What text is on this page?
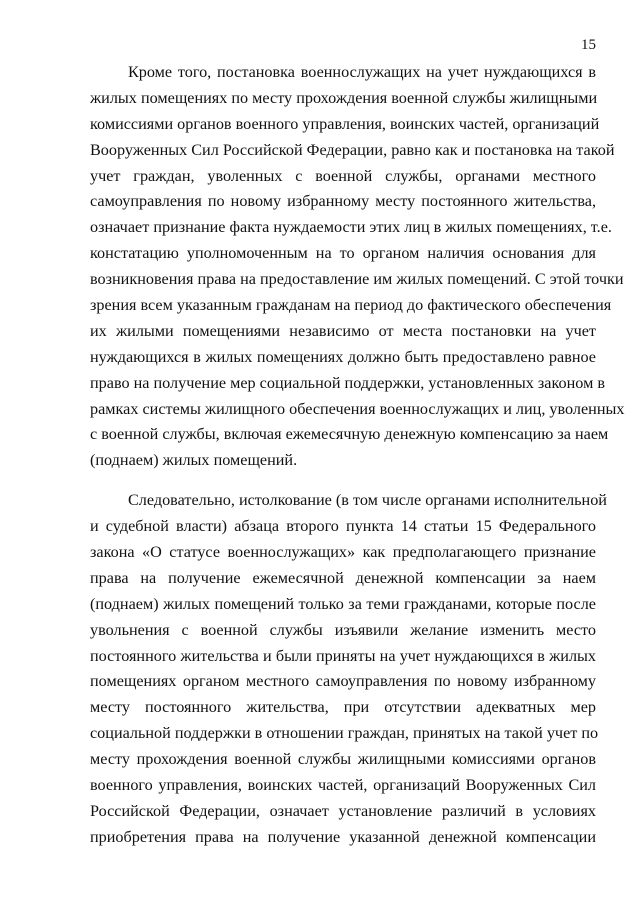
15
Кроме того, постановка военнослужащих на учет нуждающихся в
жилых помещениях по месту прохождения военной службы жилищными
комиссиями органов военного управления, воинских частей, организаций
Вооруженных Сил Российской Федерации, равно как и постановка на такой
учет граждан, уволенных с военной службы, органами местного
самоуправления по новому избранному месту постоянного жительства,
означает признание факта нуждаемости этих лиц в жилых помещениях, т.е.
констатацию уполномоченным на то органом наличия основания для
возникновения права на предоставление им жилых помещений. С этой точки
зрения всем указанным гражданам на период до фактического обеспечения
их жилыми помещениями независимо от места постановки на учет
нуждающихся в жилых помещениях должно быть предоставлено равное
право на получение мер социальной поддержки, установленных законом в
рамках системы жилищного обеспечения военнослужащих и лиц, уволенных
с военной службы, включая ежемесячную денежную компенсацию за наем
(поднаем) жилых помещений.
Следовательно, истолкование (в том числе органами исполнительной
и судебной власти) абзаца второго пункта 14 статьи 15 Федерального
закона «О статусе военнослужащих» как предполагающего признание
права на получение ежемесячной денежной компенсации за наем
(поднаем) жилых помещений только за теми гражданами, которые после
увольнения с военной службы изъявили желание изменить место
постоянного жительства и были приняты на учет нуждающихся в жилых
помещениях органом местного самоуправления по новому избранному
месту постоянного жительства, при отсутствии адекватных мер
социальной поддержки в отношении граждан, принятых на такой учет по
месту прохождения военной службы жилищными комиссиями органов
военного управления, воинских частей, организаций Вооруженных Сил
Российской Федерации, означает установление различий в условиях
приобретения права на получение указанной денежной компенсации
